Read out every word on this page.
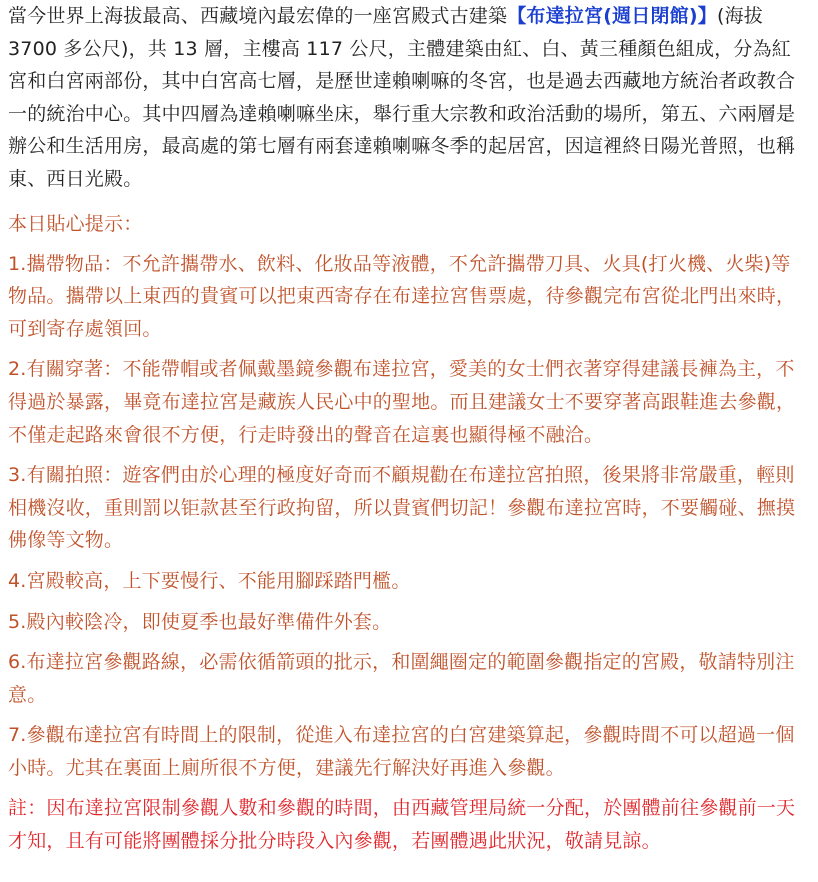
當今世界上海拔最高、西藏境內最宏偉的一座宮殿式古建築【布達拉宮(週日閉館)】(海拔3700 多公尺)，共 13 層，主樓高 117 公尺，主體建築由紅、白、黃三種顏色組成，分為紅宮和白宮兩部份，其中白宮高七層，是歷世達賴喇嘛的冬宮，也是過去西藏地方統治者政教合一的統治中心。其中四層為達賴喇嘛坐床，舉行重大宗教和政治活動的場所，第五、六兩層是辦公和生活用房，最高處的第七層有兩套達賴喇嘛冬季的起居宮，因這裡終日陽光普照，也稱東、西日光殿。

本日貼心提示：

1.攜帶物品：不允許攜帶水、飲料、化妝品等液體，不允許攜帶刀具、火具(打火機、火柴)等物品。攜帶以上東西的貴賓可以把東西寄存在布達拉宮售票處，待參觀完布宮從北門出來時，可到寄存處領回。

2.有關穿著：不能帶帽或者佩戴墨鏡參觀布達拉宮，愛美的女士們衣著穿得建議長褲為主，不得過於暴露，畢竟布達拉宮是藏族人民心中的聖地。而且建議女士不要穿著高跟鞋進去參觀，不僅走起路來會很不方便，行走時發出的聲音在這裏也顯得極不融洽。

3.有關拍照：遊客們由於心理的極度好奇而不顧規勸在布達拉宮拍照，後果將非常嚴重，輕則相機沒收，重則罰以钜款甚至行政拘留，所以貴賓們切記！參觀布達拉宮時，不要觸碰、撫摸佛像等文物。

4.宮殿較高，上下要慢行、不能用腳踩踏門檻。

5.殿內較陰冷，即使夏季也最好準備件外套。

6.布達拉宮參觀路線，必需依循箭頭的批示，和圍繩圈定的範圍參觀指定的宮殿，敬請特別注意。

7.參觀布達拉宮有時間上的限制，從進入布達拉宮的白宮建築算起，參觀時間不可以超過一個小時。尤其在裏面上廁所很不方便，建議先行解決好再進入參觀。

註：因布達拉宮限制參觀人數和參觀的時間，由西藏管理局統一分配，於團體前往參觀前一天才知，且有可能將團體採分批分時段入內參觀，若團體遇此狀況，敬請見諒。
